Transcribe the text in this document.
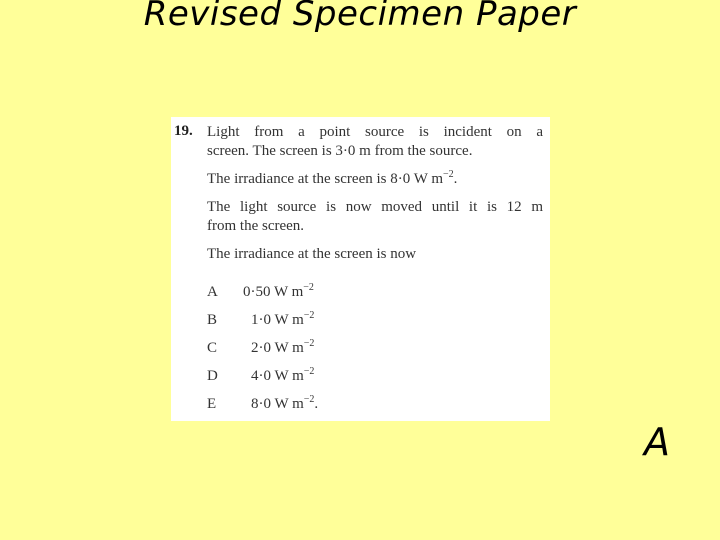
Revised Specimen Paper
19. Light from a point source is incident on a
screen. The screen is 3·0 m from the source.
The irradiance at the screen is 8·0 W $m^{-2}$.
The light source is now moved until it is 12 m
from the screen.
The irradiance at the screen is now
A	0·50 W $m^{-2}$
B	1·0 W $m^{-2}$
C	2·0 W $m^{-2}$
D	4·0 W $m^{-2}$
E	8·0 W $m^{-2}$.
A
